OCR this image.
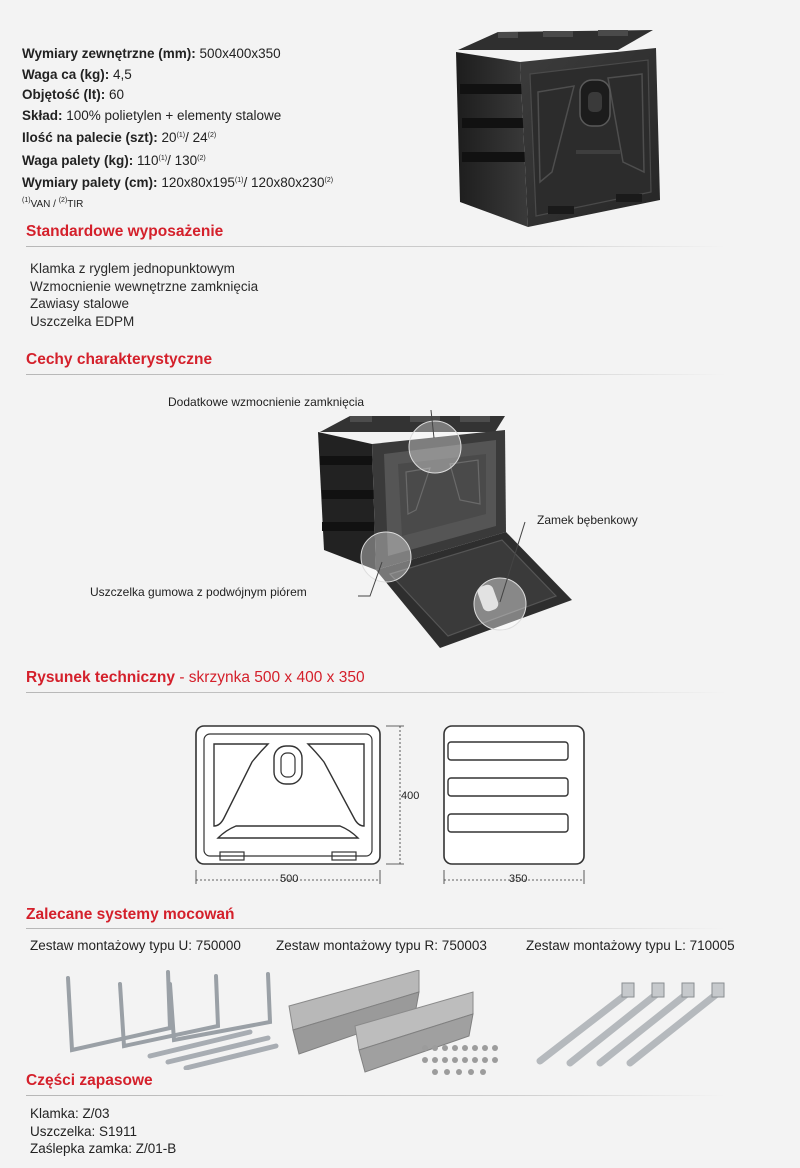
Wymiary zewnętrzne (mm): 500x400x350
Waga ca (kg): 4,5
Objętość (lt): 60
Skład: 100% polietylen + elementy stalowe
Ilość na palecie (szt): 20$^{(1)}$/ 24$^{(2)}$
Waga palety (kg): 110$^{(1)}$/ 130$^{(2)}$
Wymiary palety (cm): 120x80x195$^{(1)}$/ 120x80x230$^{(2)}$
$^{(1)}$VAN / $^{(2)}$TIR
Standardowe wyposażenie
Klamka z ryglem jednopunktowym
Wzmocnienie wewnętrzne zamknięcia
Zawiasy stalowe
Uszczelka EDPM
Cechy charakterystyczne
Dodatkowe wzmocnienie zamknięcia
Zamek bębenkowy
Uszczelka gumowa z podwójnym piórem
Rysunek techniczny - skrzynka 500 x 400 x 350
500
400
350
Zalecane systemy mocowań
Zestaw montażowy typu U: 750000	Zestaw montażowy typu R: 750003	Zestaw montażowy typu L: 710005
Części zapasowe
Klamka: Z/03
Uszczelka: S1911
Zaślepka zamka: Z/01-B
